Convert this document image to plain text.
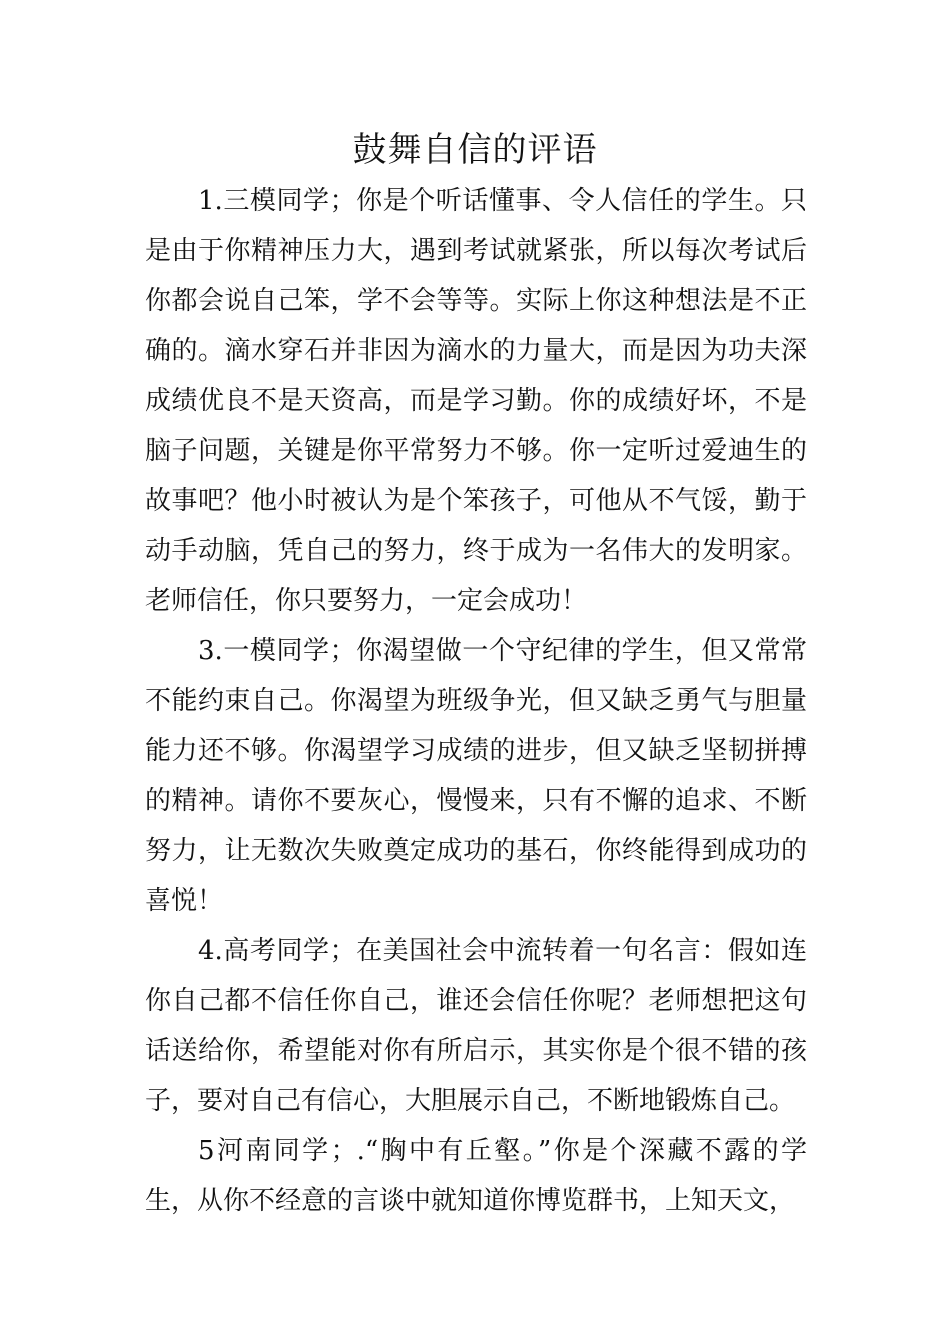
鼓舞自信的评语

1.三模同学；你是个听话懂事、令人信任的学生。只是由于你精神压力大，遇到考试就紧张，所以每次考试后你都会说自己笨，学不会等等。实际上你这种想法是不正确的。滴水穿石并非因为滴水的力量大，而是因为功夫深成绩优良不是天资高，而是学习勤。你的成绩好坏，不是脑子问题，关键是你平常努力不够。你一定听过爱迪生的故事吧？他小时被认为是个笨孩子，可他从不气馁，勤于动手动脑，凭自己的努力，终于成为一名伟大的发明家。老师信任，你只要努力，一定会成功！

3.一模同学；你渴望做一个守纪律的学生，但又常常不能约束自己。你渴望为班级争光，但又缺乏勇气与胆量能力还不够。你渴望学习成绩的进步，但又缺乏坚韧拼搏的精神。请你不要灰心，慢慢来，只有不懈的追求、不断努力，让无数次失败奠定成功的基石，你终能得到成功的喜悦！

4.高考同学；在美国社会中流转着一句名言：假如连你自己都不信任你自己，谁还会信任你呢？老师想把这句话送给你，希望能对你有所启示，其实你是个很不错的孩子，要对自己有信心，大胆展示自己，不断地锻炼自己。

5河南同学；.“胸中有丘壑。”你是个深藏不露的学生，从你不经意的言谈中就知道你博览群书，上知天文，
